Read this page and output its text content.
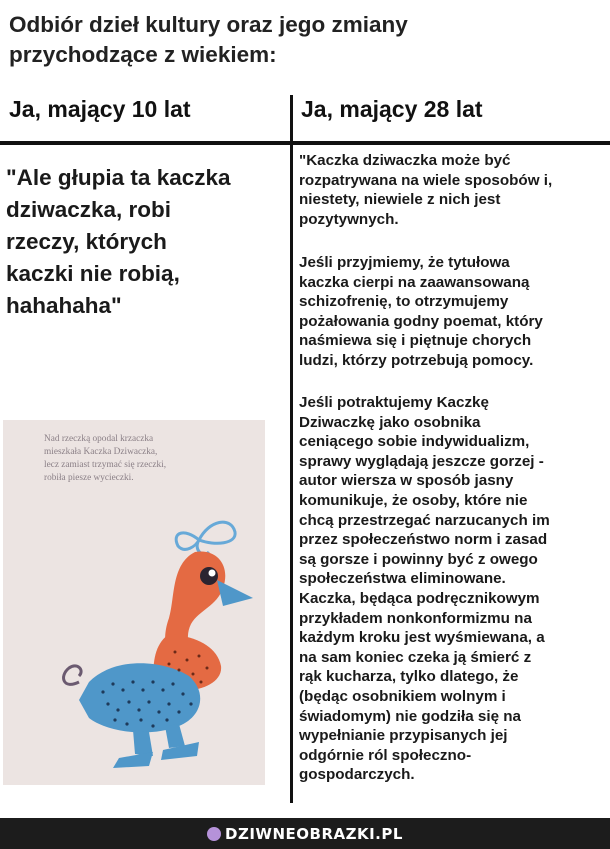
Odbiór dzieł kultury oraz jego zmiany
przychodzące z wiekiem:
Ja, mający 10 lat	Ja, mający 28 lat
"Ale głupia ta kaczka
dziwaczka, robi
rzeczy, których
kaczki nie robią,
hahahaha"
"Kaczka dziwaczka może być
rozpatrywana na wiele sposobów i,
niestety, niewiele z nich jest
pozytywnych.
Jeśli przyjmiemy, że tytułowa
kaczka cierpi na zaawansowaną
schizofrenię, to otrzymujemy
pożałowania godny poemat, który
naśmiewa się i piętnuje chorych
ludzi, którzy potrzebują pomocy.
Jeśli potraktujemy Kaczkę
Dziwaczkę jako osobnika
ceniącego sobie indywidualizm,
sprawy wyglądają jeszcze gorzej -
autor wiersza w sposób jasny
komunikuje, że osoby, które nie
chcą przestrzegać narzucanych im
przez społeczeństwo norm i zasad
są gorsze i powinny być z owego
społeczeństwa eliminowane.
Kaczka, będąca podręcznikowym
przykładem nonkonformizmu na
każdym kroku jest wyśmiewana, a
na sam koniec czeka ją śmierć z
rąk kucharza, tylko dlatego, że
(będąc osobnikiem wolnym i
świadomym) nie godziła się na
wypełnianie przypisanych jej
odgórnie ról społeczno-
gospodarczych.
Nad rzeczką opodal krzaczka
mieszkała Kaczka Dziwaczka,
lecz zamiast trzymać się rzeczki,
robiła piesze wycieczki.
DZIWNEOBRAZKI.PL
